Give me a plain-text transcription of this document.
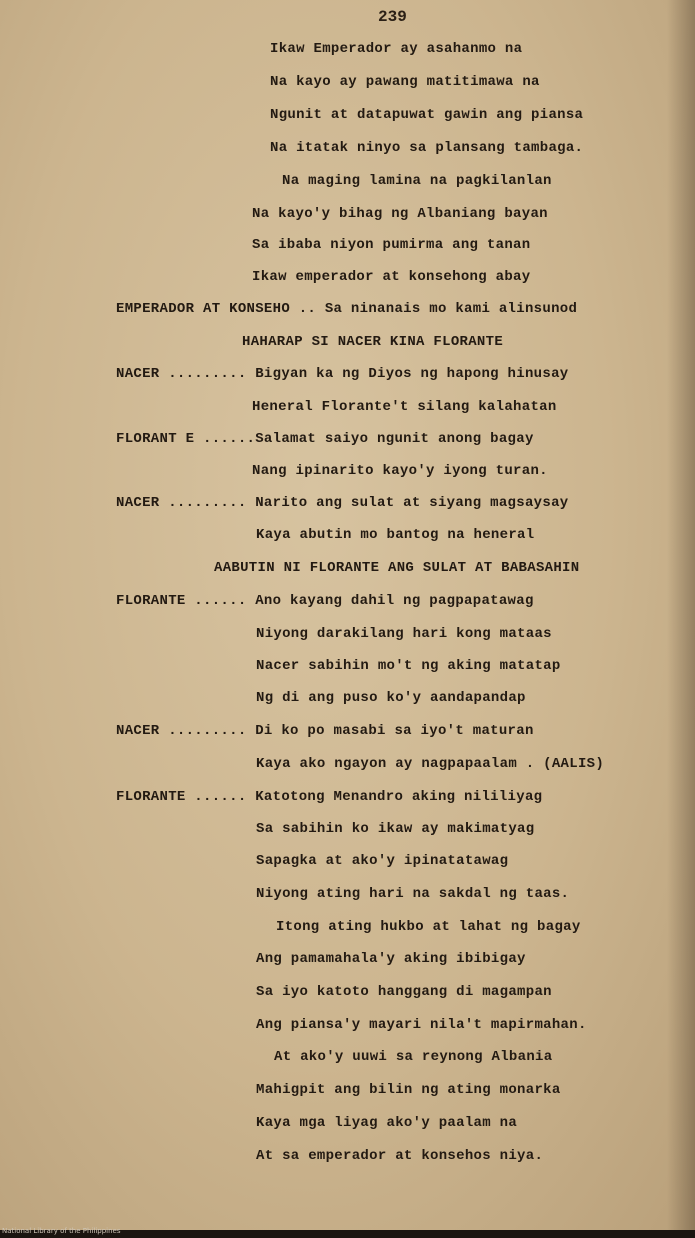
239
Ikaw Emperador ay asahanmo na
Na kayo ay pawang matitimawa na
Ngunit at datapuwat gawin ang piansa
Na itatak ninyo sa plansang tambaga.
Na maging lamina na pagkilanlan
Na kayo'y bihag ng Albaniang bayan
Sa ibaba niyon pumirma ang tanan
Ikaw emperador at konsehong abay
EMPERADOR AT KONSEHO .. Sa ninanais mo kami alinsunod
HAHARAP SI NACER KINA FLORANTE
NACER ......... Bigyan ka ng Diyos ng hapong hinusay
Heneral Florante't silang kalahatan
FLORANT E ......Salamat saiyo ngunit anong bagay
Nang ipinarito kayo'y iyong turan.
NACER ......... Narito ang sulat at siyang magsaysay
Kaya abutin mo bantog na heneral
AABUTIN NI FLORANTE ANG SULAT AT BABASAHIN
FLORANTE ...... Ano kayang dahil ng pagpapatawag
Niyong darakilang hari kong mataas
Nacer sabihin mo't ng aking matatap
Ng di ang puso ko'y aandapandap
NACER ......... Di ko po masabi sa iyo't maturan
Kaya ako ngayon ay nagpapaalam . (AALIS)
FLORANTE ...... Katotong Menandro aking nililiyag
Sa sabihin ko ikaw ay makimatyag
Sapagka at ako'y ipinatatawag
Niyong ating hari na sakdal ng taas.
Itong ating hukbo at lahat ng bagay
Ang pamamahala'y aking ibibigay
Sa iyo katoto hanggang di magampan
Ang piansa'y mayari nila't mapirmahan.
At ako'y uuwi sa reynong Albania
Mahigpit ang bilin ng ating monarka
Kaya mga liyag ako'y paalam na
At sa emperador at konsehos niya.
National Library of the Philippines
